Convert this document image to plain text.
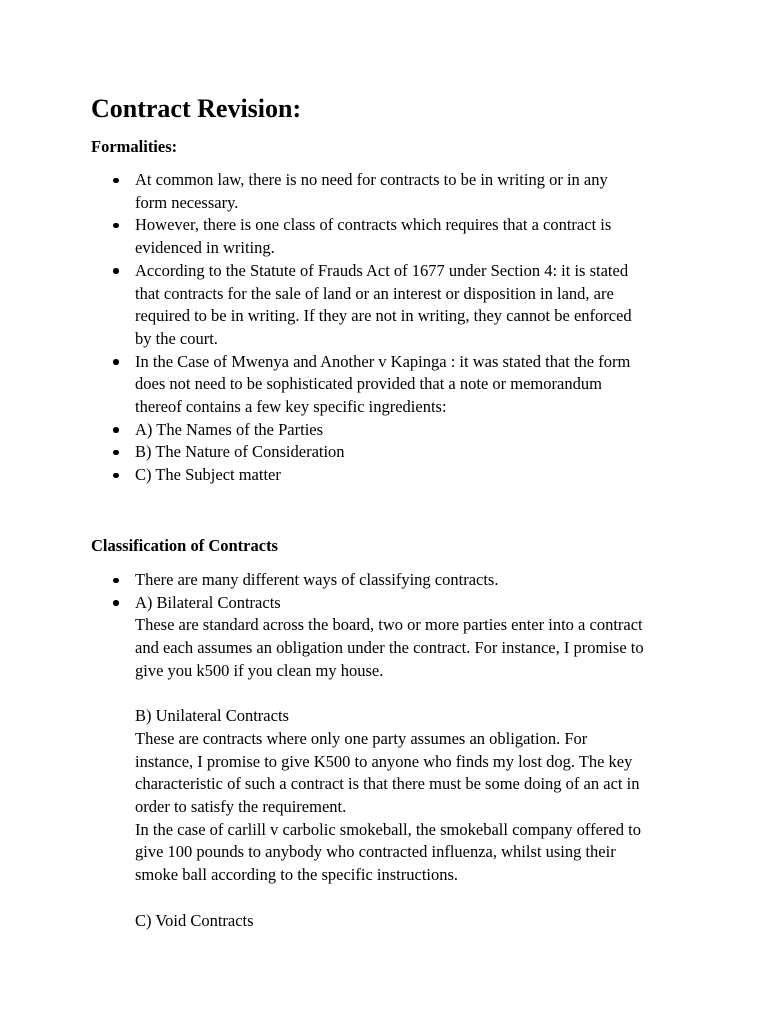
Contract Revision:
Formalities:
At common law, there is no need for contracts to be in writing or in any
form necessary.
However, there is one class of contracts which requires that a contract is
evidenced in writing.
According to the Statute of Frauds Act of 1677 under Section 4: it is stated
that contracts for the sale of land or an interest or disposition in land, are
required to be in writing. If they are not in writing, they cannot be enforced
by the court.
In the Case of Mwenya and Another v Kapinga : it was stated that the form
does not need to be sophisticated provided that a note or memorandum
thereof contains a few key specific ingredients:
A) The Names of the Parties
B) The Nature of Consideration
C) The Subject matter
Classification of Contracts
There are many different ways of classifying contracts.
A) Bilateral Contracts
These are standard across the board, two or more parties enter into a contract
and each assumes an obligation under the contract. For instance, I promise to
give you k500 if you clean my house.
B) Unilateral Contracts
These are contracts where only one party assumes an obligation. For
instance, I promise to give K500 to anyone who finds my lost dog. The key
characteristic of such a contract is that there must be some doing of an act in
order to satisfy the requirement.
In the case of carlill v carbolic smokeball, the smokeball company offered to
give 100 pounds to anybody who contracted influenza, whilst using their
smoke ball according to the specific instructions.
C) Void Contracts
